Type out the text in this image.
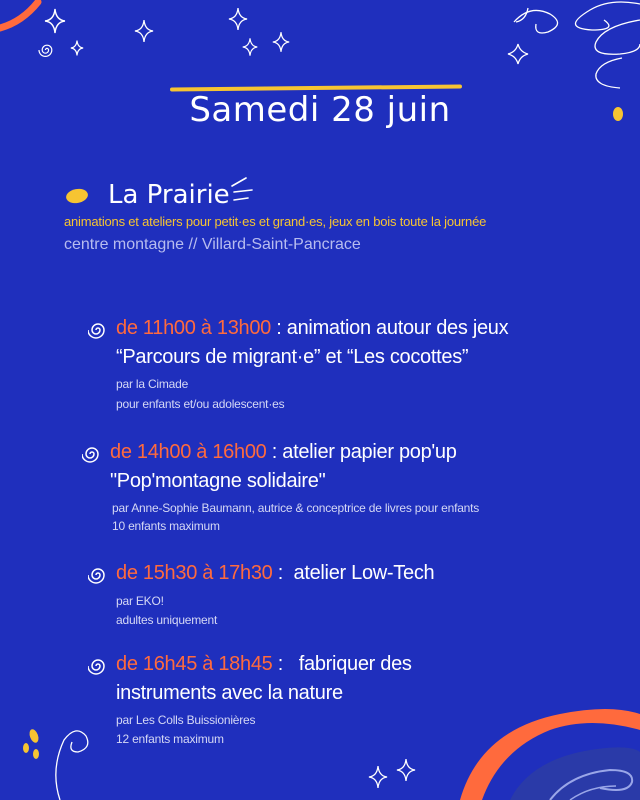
Samedi 28 juin
La Prairie
animations et ateliers pour petit·es et grand·es, jeux en bois toute la journée
centre montagne // Villard-Saint-Pancrace
de 11h00 à 13h00 : animation autour des jeux
“Parcours de migrant·e” et “Les cocottes”
par la Cimade
pour enfants et/ou adolescent·es
de 14h00 à 16h00 : atelier papier pop'up
"Pop'montagne solidaire"
par Anne-Sophie Baumann, autrice & conceptrice de livres pour enfants
10 enfants maximum
de 15h30 à 17h30 :  atelier Low-Tech
par EKO!
adultes uniquement
de 16h45 à 18h45 :   fabriquer des
instruments avec la nature
par Les Colls Buissionières
12 enfants maximum
